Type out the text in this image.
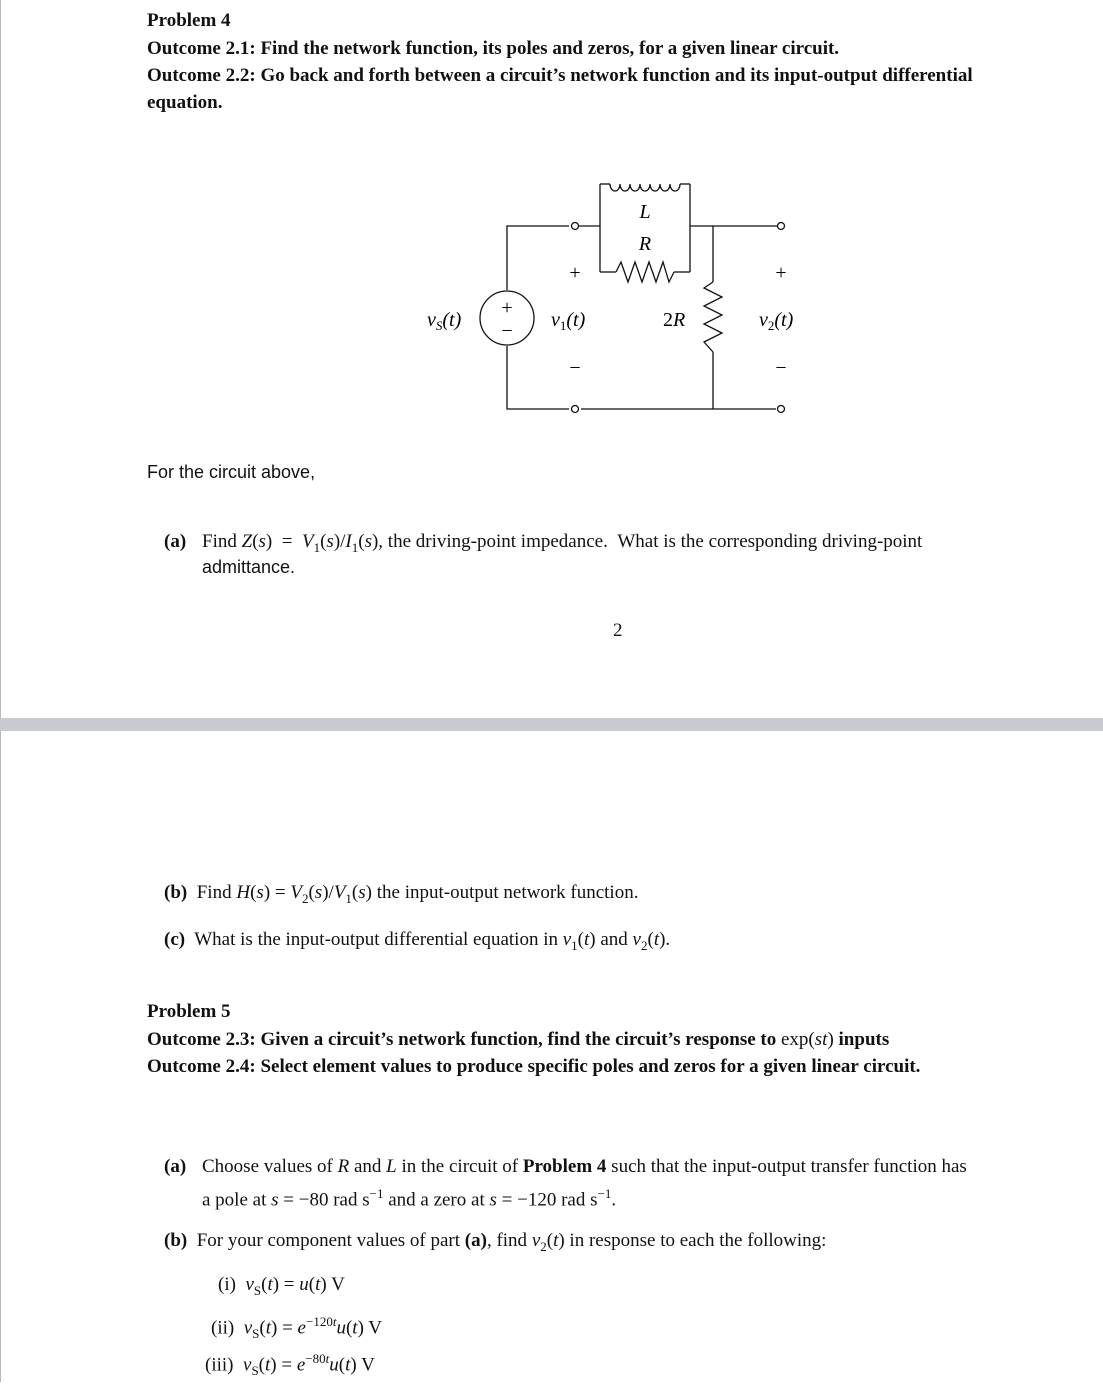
Problem 4
Outcome 2.1: Find the network function, its poles and zeros, for a given linear circuit.
Outcome 2.2: Go back and forth between a circuit’s network function and its input-output differential
equation.
+
−
$v_S(t)$
+
$v_1(t)$
−
L
R
2R
+
$v_2(t)$
−
For the circuit above,
(a) Find $Z(s) = V_1(s)/I_1(s)$, the driving-point impedance.  What is the corresponding driving-point
admittance.
2
(b)  Find $H(s) = V_2(s)/V_1(s)$ the input-output network function.
(c)  What is the input-output differential equation in $v_1(t)$ and $v_2(t)$.
Problem 5
Outcome 2.3: Given a circuit’s network function, find the circuit’s response to exp(st) inputs
Outcome 2.4: Select element values to produce specific poles and zeros for a given linear circuit.
(a) Choose values of R and L in the circuit of Problem 4 such that the input-output transfer function has
a pole at s = −80 rad $s^{-1}$ and a zero at s = −120 rad $s^{-1}$.
(b)  For your component values of part (a), find $v_2(t)$ in response to each the following:
(i) $v_S(t) = u(t)$ V
(ii) $v_S(t) = e^{-120t}u(t)$ V
(iii) $v_S(t) = e^{-80t}u(t)$ V
